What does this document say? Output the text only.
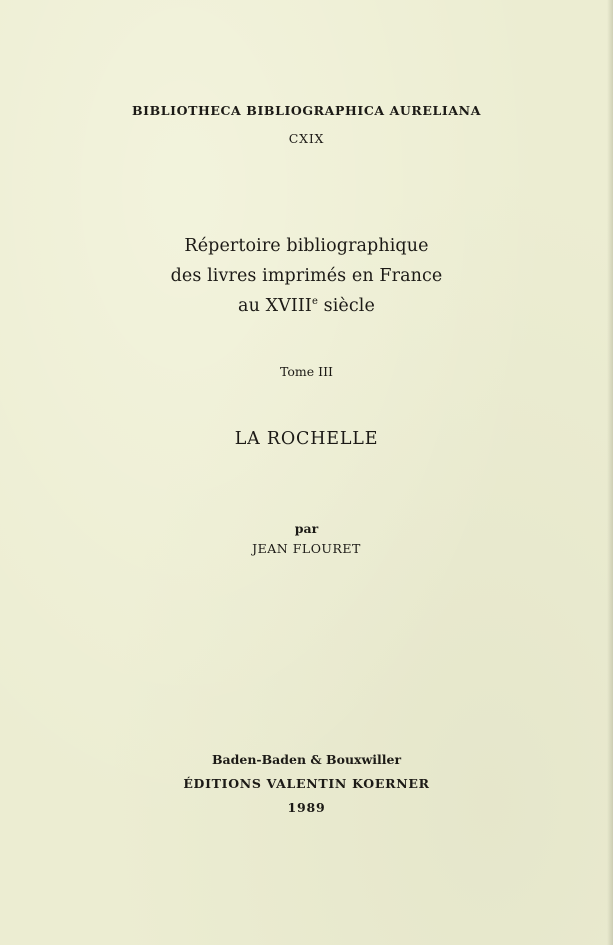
BIBLIOTHECA BIBLIOGRAPHICA AURELIANA
CXIX
Répertoire bibliographique
des livres imprimés en France
au XVIIIe siècle
Tome III
LA ROCHELLE
par
JEAN FLOURET
Baden-Baden & Bouxwiller
ÉDITIONS VALENTIN KOERNER
1989
